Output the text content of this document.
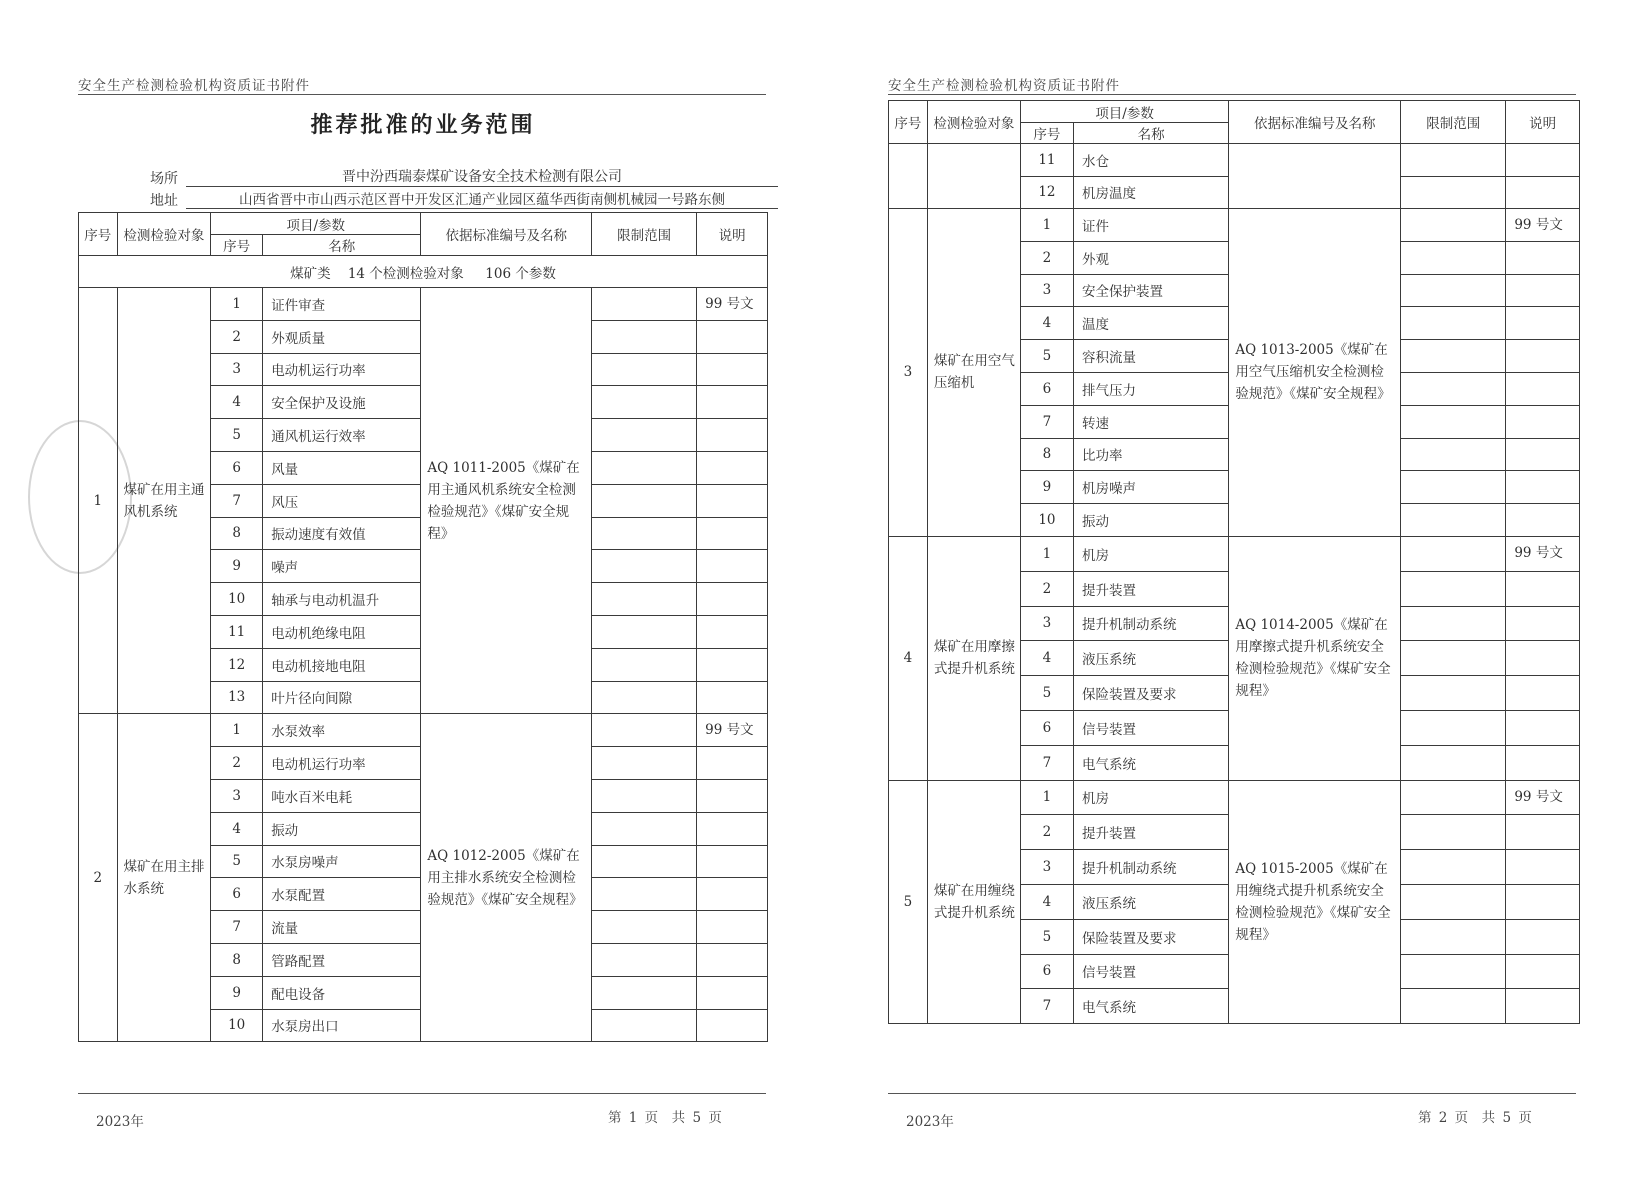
安全生产检测检验机构资质证书附件
推荐批准的业务范围
场所	晋中汾西瑞泰煤矿设备安全技术检测有限公司
地址	山西省晋中市山西示范区晋中开发区汇通产业园区蕴华西街南侧机械园一号路东侧
序号	检测检验对象	项目/参数		依据标准编号及名称	限制范围	说明
		序号	名称			
煤矿类 14 个检测检验对象 106 个参数						
1	煤矿在用主通风机系统	1	证件审查	AQ 1011-2005《煤矿在用主通风机系统安全检测检验规范》《煤矿安全规程》		99 号文
		2	外观质量			
		3	电动机运行功率			
		4	安全保护及设施			
		5	通风机运行效率			
		6	风量			
		7	风压			
		8	振动速度有效值			
		9	噪声			
		10	轴承与电动机温升			
		11	电动机绝缘电阻			
		12	电动机接地电阻			
		13	叶片径向间隙			
2	煤矿在用主排水系统	1	水泵效率	AQ 1012-2005《煤矿在用主排水系统安全检测检验规范》《煤矿安全规程》		99 号文
		2	电动机运行功率			
		3	吨水百米电耗			
		4	振动			
		5	水泵房噪声			
		6	水泵配置			
		7	流量			
		8	管路配置			
		9	配电设备			
		10	水泵房出口			
2023年	第 1 页　共 5 页
安全生产检测检验机构资质证书附件
序号	检测检验对象	项目/参数		依据标准编号及名称	限制范围	说明
		序号	名称			
		11	水仓			
		12	机房温度			
3	煤矿在用空气压缩机	1	证件	AQ 1013-2005《煤矿在用空气压缩机安全检测检验规范》《煤矿安全规程》		99 号文
		2	外观			
		3	安全保护装置			
		4	温度			
		5	容积流量			
		6	排气压力			
		7	转速			
		8	比功率			
		9	机房噪声			
		10	振动			
4	煤矿在用摩擦式提升机系统	1	机房	AQ 1014-2005《煤矿在用摩擦式提升机系统安全检测检验规范》《煤矿安全规程》		99 号文
		2	提升装置			
		3	提升机制动系统			
		4	液压系统			
		5	保险装置及要求			
		6	信号装置			
		7	电气系统			
5	煤矿在用缠绕式提升机系统	1	机房	AQ 1015-2005《煤矿在用缠绕式提升机系统安全检测检验规范》《煤矿安全规程》		99 号文
		2	提升装置			
		3	提升机制动系统			
		4	液压系统			
		5	保险装置及要求			
		6	信号装置			
		7	电气系统			
2023年	第 2 页　共 5 页
